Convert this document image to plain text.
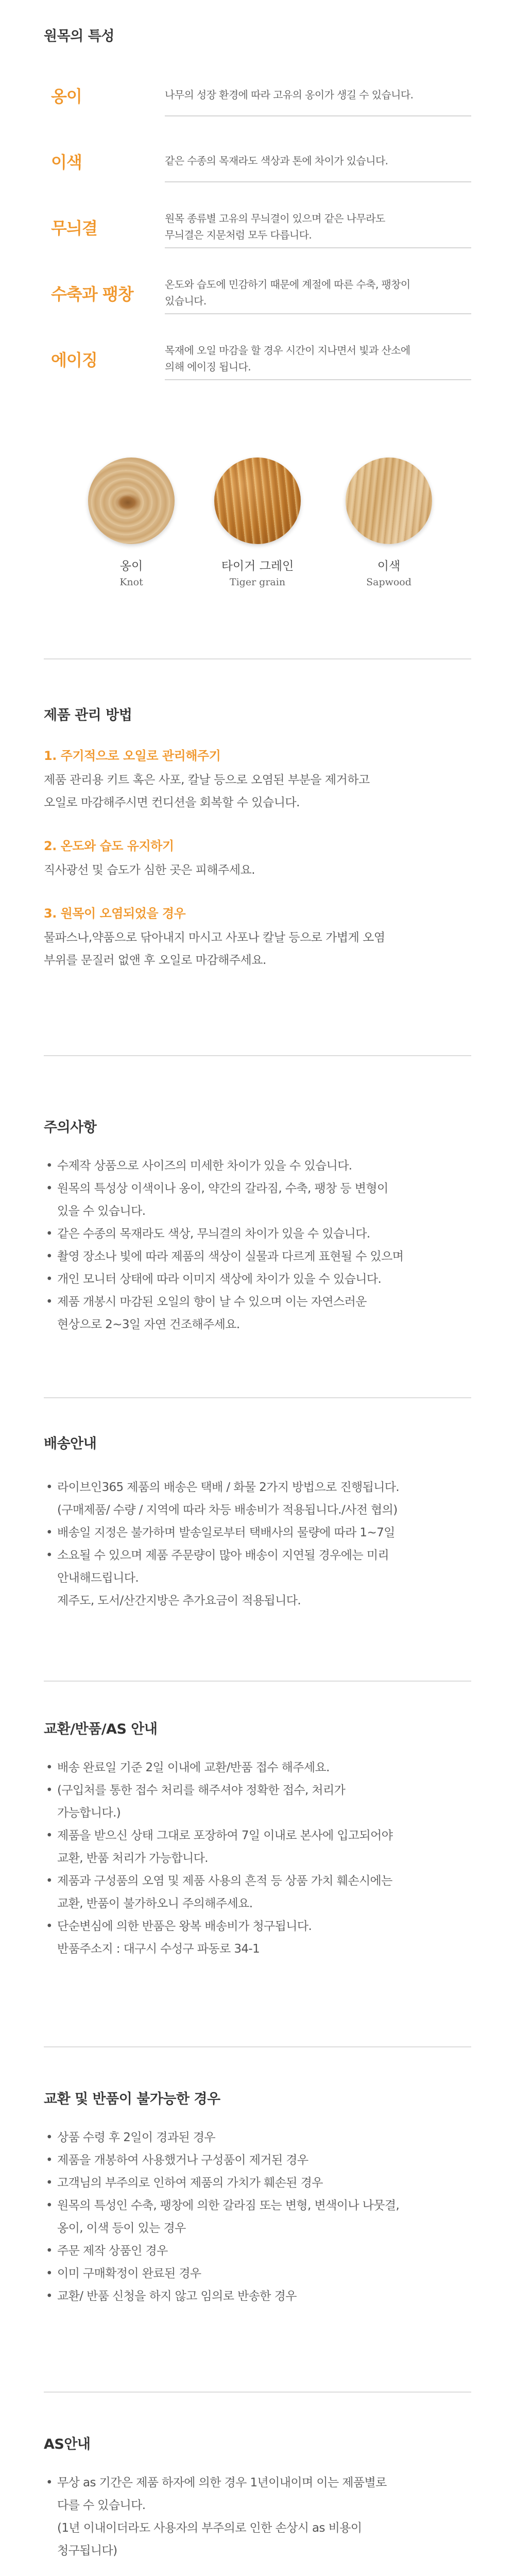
원목의 특성
옹이	나무의 성장 환경에 따라 고유의 옹이가 생길 수 있습니다.
이색	같은 수종의 목재라도 색상과 톤에 차이가 있습니다.
무늬결	원목 종류별 고유의 무늬결이 있으며 같은 나무라도
무늬결은 지문처럼 모두 다릅니다.
수축과 팽창	온도와 습도에 민감하기 때문에 계절에 따른 수축, 팽창이
있습니다.
에이징	목재에 오일 마감을 할 경우 시간이 지나면서 빛과 산소에
의해 에이징 됩니다.
옹이
Knot
타이거 그레인
Tiger grain
이색
Sapwood
제품 관리 방법
1. 주기적으로 오일로 관리해주기
제품 관리용 키트 혹은 사포, 칼날 등으로 오염된 부분을 제거하고
오일로 마감해주시면 컨디션을 회복할 수 있습니다.
2. 온도와 습도 유지하기
직사광선 및 습도가 심한 곳은 피해주세요.
3. 원목이 오염되었을 경우
물파스나,약품으로 닦아내지 마시고 사포나 칼날 등으로 가볍게 오염
부위를 문질러 없앤 후 오일로 마감해주세요.
주의사항
• 수제작 상품으로 사이즈의 미세한 차이가 있을 수 있습니다.
• 원목의 특성상 이색이나 옹이, 약간의 갈라짐, 수축, 팽창 등 변형이
있을 수 있습니다.
• 같은 수종의 목재라도 색상, 무늬결의 차이가 있을 수 있습니다.
• 촬영 장소나 빛에 따라 제품의 색상이 실물과 다르게 표현될 수 있으며
• 개인 모니터 상태에 따라 이미지 색상에 차이가 있을 수 있습니다.
• 제품 개봉시 마감된 오일의 향이 날 수 있으며 이는 자연스러운
현상으로 2~3일 자연 건조해주세요.
배송안내
• 라이브인365 제품의 배송은 택배 / 화물 2가지 방법으로 진행됩니다.
(구매제품/ 수량 / 지역에 따라 차등 배송비가 적용됩니다./사전 협의)
• 배송일 지정은 불가하며 발송일로부터 택배사의 물량에 따라 1~7일
• 소요될 수 있으며 제품 주문량이 많아 배송이 지연될 경우에는 미리
안내해드립니다.
제주도, 도서/산간지방은 추가요금이 적용됩니다.
교환/반품/AS 안내
• 배송 완료일 기준 2일 이내에 교환/반품 접수 해주세요.
• (구입처를 통한 접수 처리를 해주셔야 정확한 접수, 처리가
가능합니다.)
• 제품을 받으신 상태 그대로 포장하여 7일 이내로 본사에 입고되어야
교환, 반품 처리가 가능합니다.
• 제품과 구성품의 오염 및 제품 사용의 흔적 등 상품 가치 훼손시에는
교환, 반품이 불가하오니 주의해주세요.
• 단순변심에 의한 반품은 왕복 배송비가 청구됩니다.
반품주소지 : 대구시 수성구 파동로 34-1
교환 및 반품이 불가능한 경우
• 상품 수령 후 2일이 경과된 경우
• 제품을 개봉하여 사용했거나 구성품이 제거된 경우
• 고객님의 부주의로 인하여 제품의 가치가 훼손된 경우
• 원목의 특성인 수축, 팽창에 의한 갈라짐 또는 변형, 변색이나 나뭇결,
옹이, 이색 등이 있는 경우
• 주문 제작 상품인 경우
• 이미 구매확정이 완료된 경우
• 교환/ 반품 신청을 하지 않고 임의로 반송한 경우
AS안내
• 무상 as 기간은 제품 하자에 의한 경우 1년이내이며 이는 제품별로
다를 수 있습니다.
(1년 이내이더라도 사용자의 부주의로 인한 손상시 as 비용이
청구됩니다)
